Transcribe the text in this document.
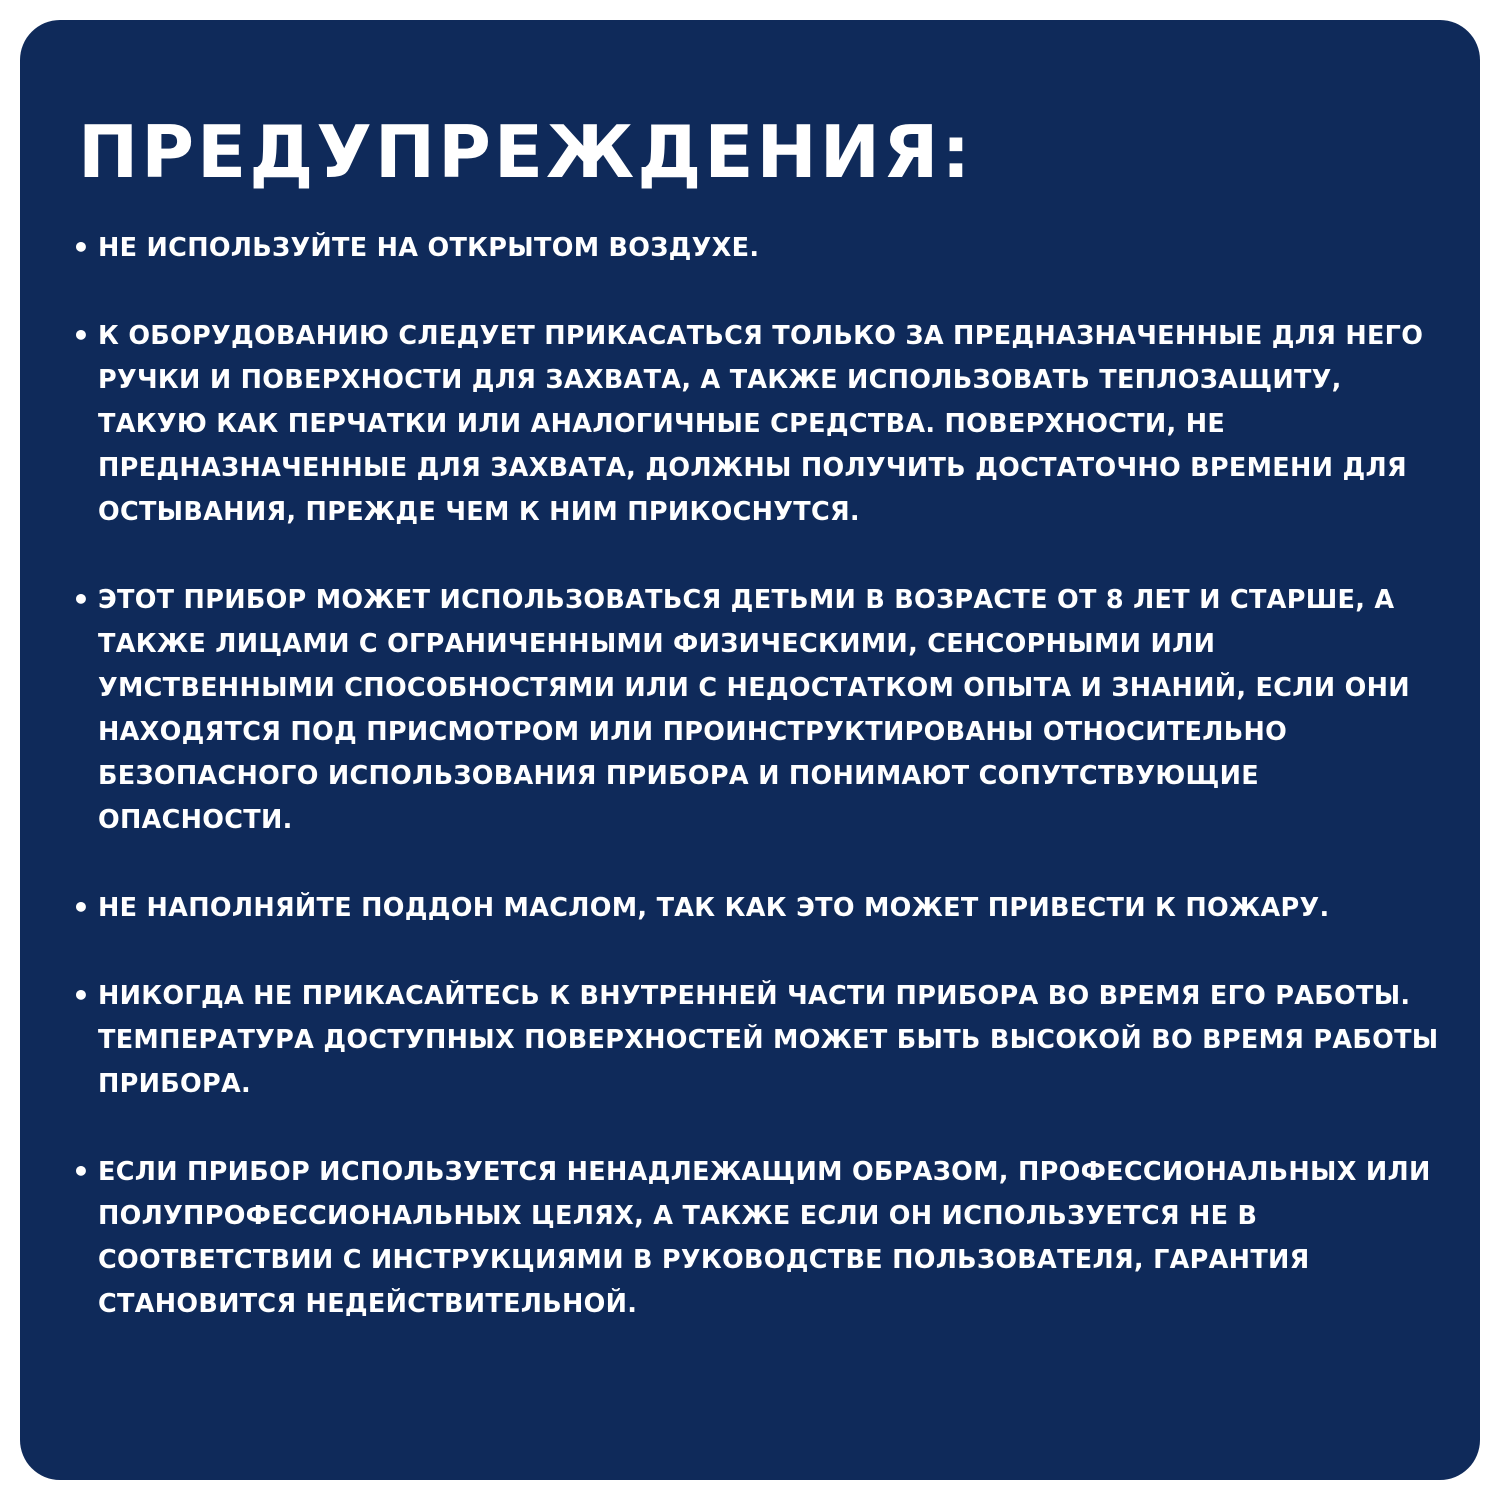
ПРЕДУПРЕЖДЕНИЯ:
• НЕ ИСПОЛЬЗУЙТЕ НА ОТКРЫТОМ ВОЗДУХЕ.
• К ОБОРУДОВАНИЮ СЛЕДУЕТ ПРИКАСАТЬСЯ ТОЛЬКО ЗА ПРЕДНАЗНАЧЕННЫЕ ДЛЯ НЕГО РУЧКИ И ПОВЕРХНОСТИ ДЛЯ ЗАХВАТА, А ТАКЖЕ ИСПОЛЬЗОВАТЬ ТЕПЛОЗАЩИТУ, ТАКУЮ КАК ПЕРЧАТКИ ИЛИ АНАЛОГИЧНЫЕ СРЕДСТВА. ПОВЕРХНОСТИ, НЕ ПРЕДНАЗНАЧЕННЫЕ ДЛЯ ЗАХВАТА, ДОЛЖНЫ ПОЛУЧИТЬ ДОСТАТОЧНО ВРЕМЕНИ ДЛЯ ОСТЫВАНИЯ, ПРЕЖДЕ ЧЕМ К НИМ ПРИКОСНУТСЯ.
• ЭТОТ ПРИБОР МОЖЕТ ИСПОЛЬЗОВАТЬСЯ ДЕТЬМИ В ВОЗРАСТЕ ОТ 8 ЛЕТ И СТАРШЕ, А ТАКЖЕ ЛИЦАМИ С ОГРАНИЧЕННЫМИ ФИЗИЧЕСКИМИ, СЕНСОРНЫМИ ИЛИ УМСТВЕННЫМИ СПОСОБНОСТЯМИ ИЛИ С НЕДОСТАТКОМ ОПЫТА И ЗНАНИЙ, ЕСЛИ ОНИ НАХОДЯТСЯ ПОД ПРИСМОТРОМ ИЛИ ПРОИНСТРУКТИРОВАНЫ ОТНОСИТЕЛЬНО БЕЗОПАСНОГО ИСПОЛЬЗОВАНИЯ ПРИБОРА И ПОНИМАЮТ СОПУТСТВУЮЩИЕ ОПАСНОСТИ.
• НЕ НАПОЛНЯЙТЕ ПОДДОН МАСЛОМ, ТАК КАК ЭТО МОЖЕТ ПРИВЕСТИ К ПОЖАРУ.
• НИКОГДА НЕ ПРИКАСАЙТЕСЬ К ВНУТРЕННЕЙ ЧАСТИ ПРИБОРА ВО ВРЕМЯ ЕГО РАБОТЫ. ТЕМПЕРАТУРА ДОСТУПНЫХ ПОВЕРХНОСТЕЙ МОЖЕТ БЫТЬ ВЫСОКОЙ ВО ВРЕМЯ РАБОТЫ ПРИБОРА.
• ЕСЛИ ПРИБОР ИСПОЛЬЗУЕТСЯ НЕНАДЛЕЖАЩИМ ОБРАЗОМ, ПРОФЕССИОНАЛЬНЫХ ИЛИ ПОЛУПРОФЕССИОНАЛЬНЫХ ЦЕЛЯХ, А ТАКЖЕ ЕСЛИ ОН ИСПОЛЬЗУЕТСЯ НЕ В СООТВЕТСТВИИ С ИНСТРУКЦИЯМИ В РУКОВОДСТВЕ ПОЛЬЗОВАТЕЛЯ, ГАРАНТИЯ СТАНОВИТСЯ НЕДЕЙСТВИТЕЛЬНОЙ.
